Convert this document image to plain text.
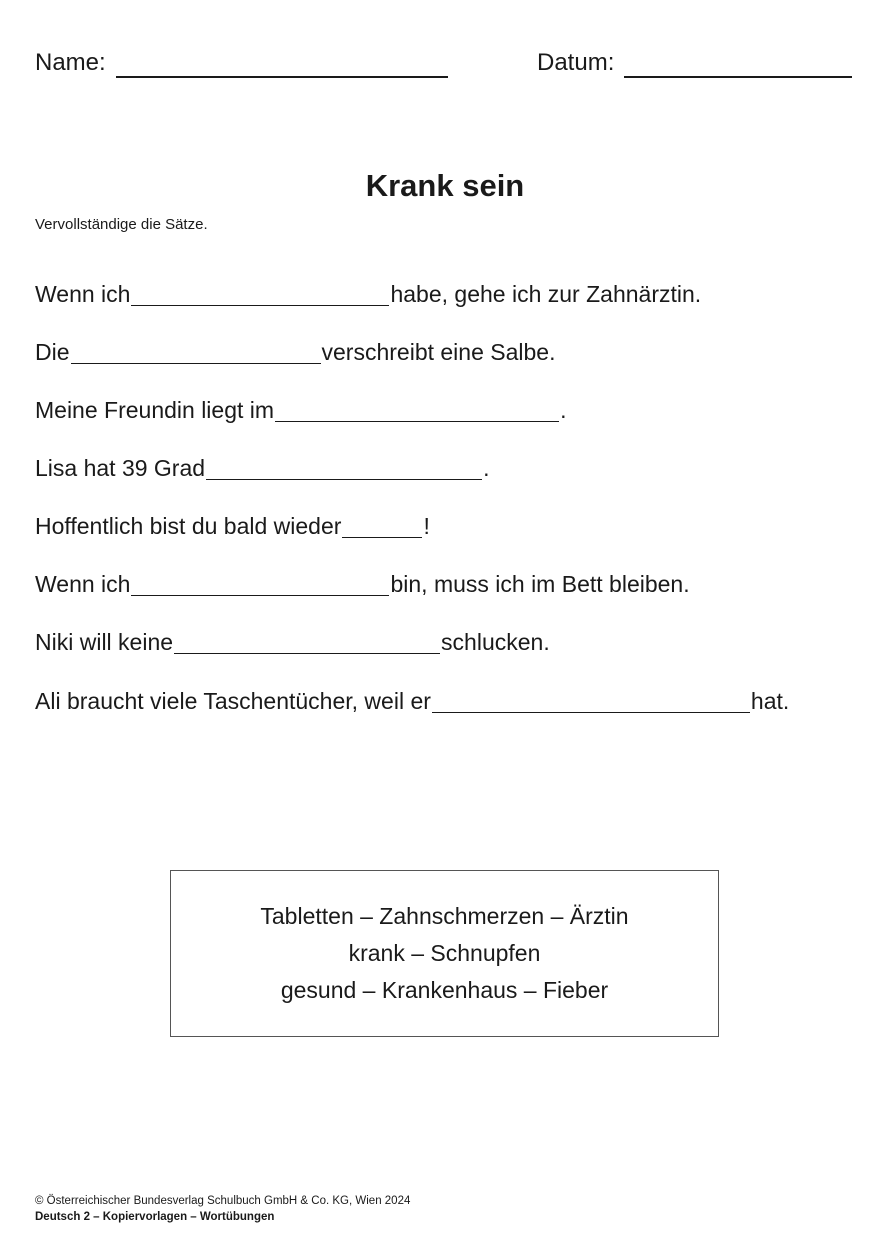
Name:	Datum:
Krank sein

Vervollständige die Sätze.

Wenn ich	habe, gehe ich zur Zahnärztin.
Die	verschreibt eine Salbe.
Meine Freundin liegt im	.
Lisa hat 39 Grad	.
Hoffentlich bist du bald wieder	!
Wenn ich	bin, muss ich im Bett bleiben.
Niki will keine	schlucken.
Ali braucht viele Taschentücher, weil er	hat.
Tabletten – Zahnschmerzen – Ärztin
krank – Schnupfen
gesund – Krankenhaus – Fieber
© Österreichischer Bundesverlag Schulbuch GmbH & Co. KG, Wien 2024
Deutsch 2 – Kopiervorlagen – Wortübungen
